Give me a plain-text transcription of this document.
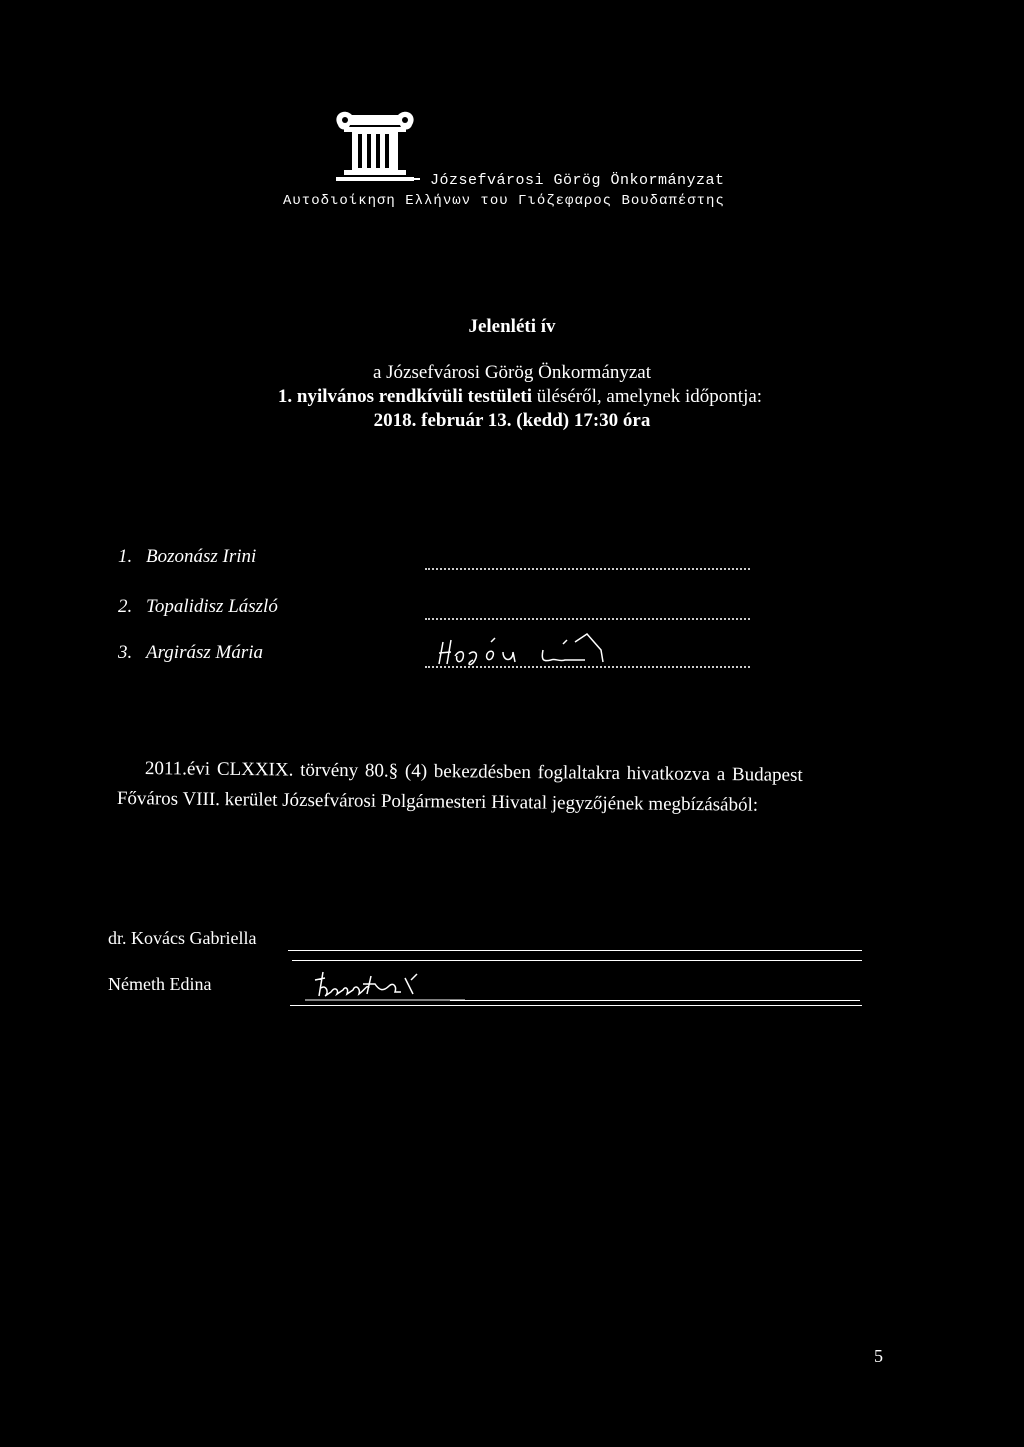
Józsefvárosi Görög Önkormányzat
Αυτοδιοίκηση Ελλήνων του Γιόζεφαρος Βουδαπέστης
Jelenléti ív
a Józsefvárosi Görög Önkormányzat
1. nyilvános rendkívüli testületi üléséről, amelynek időpontja:
2018. február 13. (kedd) 17:30 óra
1. Bozonász Irini
2. Topalidisz László
3. Argirász Mária
2011.évi CLXXIX. törvény 80.§ (4) bekezdésben foglaltakra hivatkozva a Budapest
Főváros VIII. kerület Józsefvárosi Polgármesteri Hivatal jegyzőjének megbízásából:
dr. Kovács Gabriella
Németh Edina
5
